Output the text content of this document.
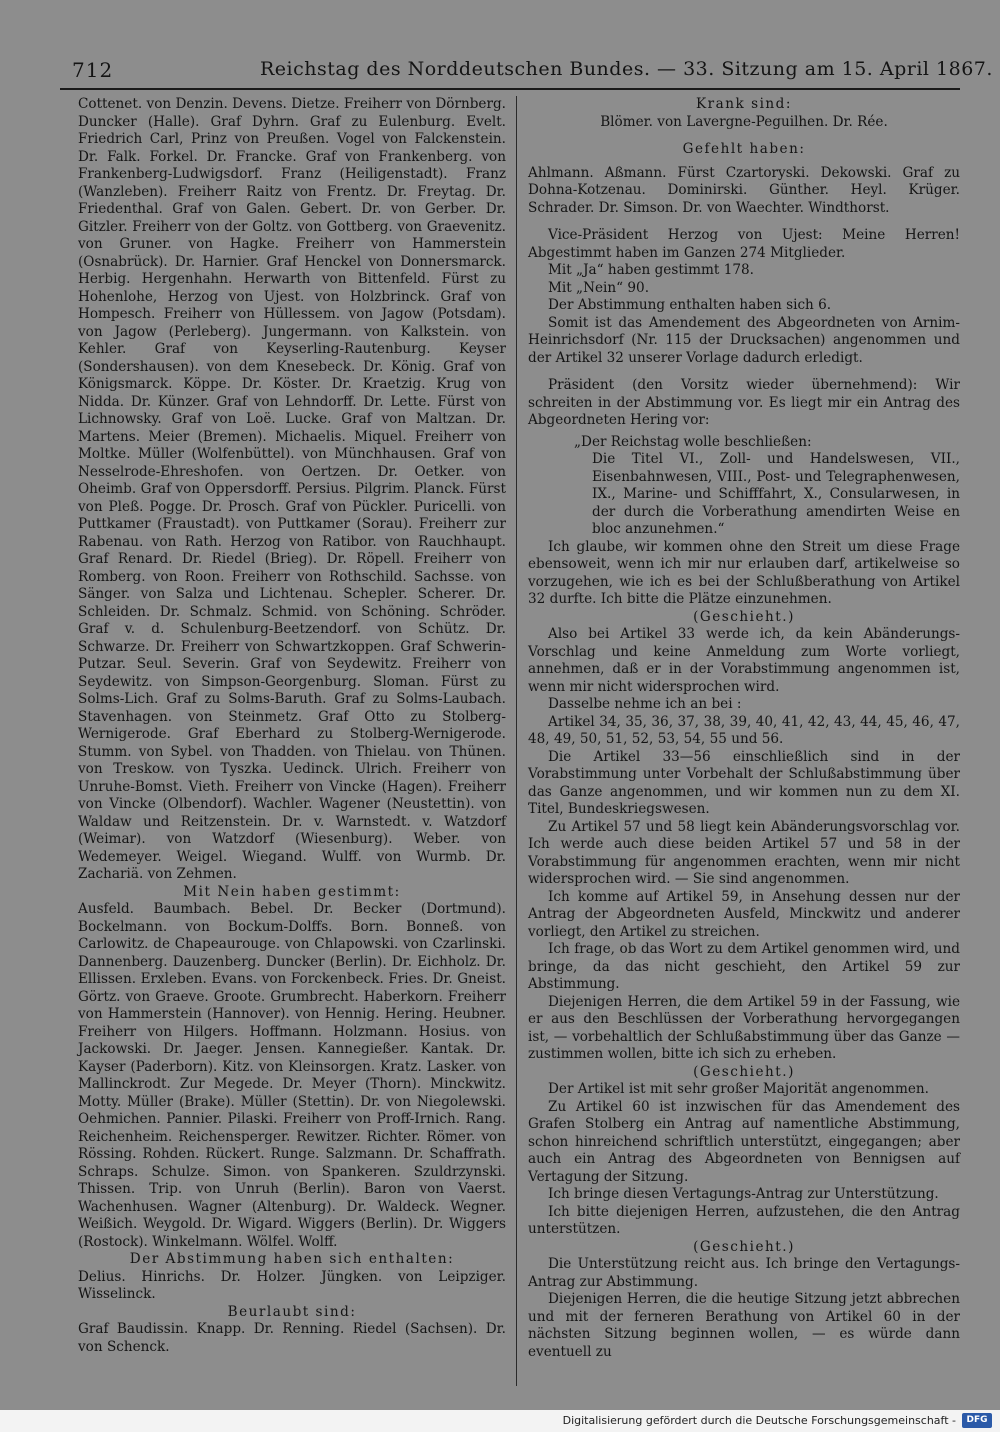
712	Reichstag des Norddeutschen Bundes. — 33. Sitzung am 15. April 1867.

Cottenet. von Denzin. Devens. Dietze. Freiherr von Dörnberg. Duncker (Halle). Graf Dyhrn. Graf zu Eulenburg. Evelt. Friedrich Carl, Prinz von Preußen. Vogel von Falckenstein. Dr. Falk. Forkel. Dr. Francke. Graf von Frankenberg. von Frankenberg-Ludwigsdorf. Franz (Heiligenstadt). Franz (Wanzleben). Freiherr Raitz von Frentz. Dr. Freytag. Dr. Friedenthal. Graf von Galen. Gebert. Dr. von Gerber. Dr. Gitzler. Freiherr von der Goltz. von Gottberg. von Graevenitz. von Gruner. von Hagke. Freiherr von Hammerstein (Osnabrück). Dr. Harnier. Graf Henckel von Donnersmarck. Herbig. Hergenhahn. Herwarth von Bittenfeld. Fürst zu Hohenlohe, Herzog von Ujest. von Holzbrinck. Graf von Hompesch. Freiherr von Hüllessem. von Jagow (Potsdam). von Jagow (Perleberg). Jungermann. von Kalkstein. von Kehler. Graf von Keyserling-Rautenburg. Keyser (Sondershausen). von dem Knesebeck. Dr. König. Graf von Königsmarck. Köppe. Dr. Köster. Dr. Kraetzig. Krug von Nidda. Dr. Künzer. Graf von Lehndorff. Dr. Lette. Fürst von Lichnowsky. Graf von Loë. Lucke. Graf von Maltzan. Dr. Martens. Meier (Bremen). Michaelis. Miquel. Freiherr von Moltke. Müller (Wolfenbüttel). von Münchhausen. Graf von Nesselrode-Ehreshofen. von Oertzen. Dr. Oetker. von Oheimb. Graf von Oppersdorff. Persius. Pilgrim. Planck. Fürst von Pleß. Pogge. Dr. Prosch. Graf von Pückler. Puricelli. von Puttkamer (Fraustadt). von Puttkamer (Sorau). Freiherr zur Rabenau. von Rath. Herzog von Ratibor. von Rauchhaupt. Graf Renard. Dr. Riedel (Brieg). Dr. Röpell. Freiherr von Romberg. von Roon. Freiherr von Rothschild. Sachsse. von Sänger. von Salza und Lichtenau. Schepler. Scherer. Dr. Schleiden. Dr. Schmalz. Schmid. von Schöning. Schröder. Graf v. d. Schulenburg-Beetzendorf. von Schütz. Dr. Schwarze. Dr. Freiherr von Schwartzkoppen. Graf Schwerin-Putzar. Seul. Severin. Graf von Seydewitz. Freiherr von Seydewitz. von Simpson-Georgenburg. Sloman. Fürst zu Solms-Lich. Graf zu Solms-Baruth. Graf zu Solms-Laubach. Stavenhagen. von Steinmetz. Graf Otto zu Stolberg-Wernigerode. Graf Eberhard zu Stolberg-Wernigerode. Stumm. von Sybel. von Thadden. von Thielau. von Thünen. von Treskow. von Tyszka. Uedinck. Ulrich. Freiherr von Unruhe-Bomst. Vieth. Freiherr von Vincke (Hagen). Freiherr von Vincke (Olbendorf). Wachler. Wagener (Neustettin). von Waldaw und Reitzenstein. Dr. v. Warnstedt. v. Watzdorf (Weimar). von Watzdorf (Wiesenburg). Weber. von Wedemeyer. Weigel. Wiegand. Wulff. von Wurmb. Dr. Zachariä. von Zehmen.

Mit Nein haben gestimmt:

Ausfeld. Baumbach. Bebel. Dr. Becker (Dortmund). Bockelmann. von Bockum-Dolffs. Born. Bonneß. von Carlowitz. de Chapeaurouge. von Chlapowski. von Czarlinski. Dannenberg. Dauzenberg. Duncker (Berlin). Dr. Eichholz. Dr. Ellissen. Erxleben. Evans. von Forckenbeck. Fries. Dr. Gneist. Görtz. von Graeve. Groote. Grumbrecht. Haberkorn. Freiherr von Hammerstein (Hannover). von Hennig. Hering. Heubner. Freiherr von Hilgers. Hoffmann. Holzmann. Hosius. von Jackowski. Dr. Jaeger. Jensen. Kannegießer. Kantak. Dr. Kayser (Paderborn). Kitz. von Kleinsorgen. Kratz. Lasker. von Mallinckrodt. Zur Megede. Dr. Meyer (Thorn). Minckwitz. Motty. Müller (Brake). Müller (Stettin). Dr. von Niegolewski. Oehmichen. Pannier. Pilaski. Freiherr von Proff-Irnich. Rang. Reichenheim. Reichensperger. Rewitzer. Richter. Römer. von Rössing. Rohden. Rückert. Runge. Salzmann. Dr. Schaffrath. Schraps. Schulze. Simon. von Spankeren. Szuldrzynski. Thissen. Trip. von Unruh (Berlin). Baron von Vaerst. Wachenhusen. Wagner (Altenburg). Dr. Waldeck. Wegner. Weißich. Weygold. Dr. Wigard. Wiggers (Berlin). Dr. Wiggers (Rostock). Winkelmann. Wölfel. Wolff.

Der Abstimmung haben sich enthalten:

Delius. Hinrichs. Dr. Holzer. Jüngken. von Leipziger. Wisselinck.

Beurlaubt sind:

Graf Baudissin. Knapp. Dr. Renning. Riedel (Sachsen). Dr. von Schenck.

Krank sind:

Blömer. von Lavergne-Peguilhen. Dr. Rée.

Gefehlt haben:

Ahlmann. Aßmann. Fürst Czartoryski. Dekowski. Graf zu Dohna-Kotzenau. Dominirski. Günther. Heyl. Krüger. Schrader. Dr. Simson. Dr. von Waechter. Windthorst.

Vice-Präsident Herzog von Ujest: Meine Herren! Abgestimmt haben im Ganzen 274 Mitglieder.

Mit „Ja“ haben gestimmt 178.

Mit „Nein“ 90.

Der Abstimmung enthalten haben sich 6.

Somit ist das Amendement des Abgeordneten von Arnim-Heinrichsdorf (Nr. 115 der Drucksachen) angenommen und der Artikel 32 unserer Vorlage dadurch erledigt.

Präsident (den Vorsitz wieder übernehmend): Wir schreiten in der Abstimmung vor. Es liegt mir ein Antrag des Abgeordneten Hering vor:

„Der Reichstag wolle beschließen:

Die Titel VI., Zoll- und Handelswesen, VII., Eisenbahnwesen, VIII., Post- und Telegraphenwesen, IX., Marine- und Schifffahrt, X., Consularwesen, in der durch die Vorberathung amendirten Weise en bloc anzunehmen.“

Ich glaube, wir kommen ohne den Streit um diese Frage ebensoweit, wenn ich mir nur erlauben darf, artikelweise so vorzugehen, wie ich es bei der Schlußberathung von Artikel 32 durfte. Ich bitte die Plätze einzunehmen.

(Geschieht.)

Also bei Artikel 33 werde ich, da kein Abänderungs-Vorschlag und keine Anmeldung zum Worte vorliegt, annehmen, daß er in der Vorabstimmung angenommen ist, wenn mir nicht widersprochen wird.

Dasselbe nehme ich an bei :

Artikel 34, 35, 36, 37, 38, 39, 40, 41, 42, 43, 44, 45, 46, 47, 48, 49, 50, 51, 52, 53, 54, 55 und 56.

Die Artikel 33—56 einschließlich sind in der Vorabstimmung unter Vorbehalt der Schlußabstimmung über das Ganze angenommen, und wir kommen nun zu dem XI. Titel, Bundeskriegswesen.

Zu Artikel 57 und 58 liegt kein Abänderungsvorschlag vor. Ich werde auch diese beiden Artikel 57 und 58 in der Vorabstimmung für angenommen erachten, wenn mir nicht widersprochen wird. — Sie sind angenommen.

Ich komme auf Artikel 59, in Ansehung dessen nur der Antrag der Abgeordneten Ausfeld, Minckwitz und anderer vorliegt, den Artikel zu streichen.

Ich frage, ob das Wort zu dem Artikel genommen wird, und bringe, da das nicht geschieht, den Artikel 59 zur Abstimmung.

Diejenigen Herren, die dem Artikel 59 in der Fassung, wie er aus den Beschlüssen der Vorberathung hervorgegangen ist, — vorbehaltlich der Schlußabstimmung über das Ganze — zustimmen wollen, bitte ich sich zu erheben.

(Geschieht.)

Der Artikel ist mit sehr großer Majorität angenommen.

Zu Artikel 60 ist inzwischen für das Amendement des Grafen Stolberg ein Antrag auf namentliche Abstimmung, schon hinreichend schriftlich unterstützt, eingegangen; aber auch ein Antrag des Abgeordneten von Bennigsen auf Vertagung der Sitzung.

Ich bringe diesen Vertagungs-Antrag zur Unterstützung.

Ich bitte diejenigen Herren, aufzustehen, die den Antrag unterstützen.

(Geschieht.)

Die Unterstützung reicht aus. Ich bringe den Vertagungs-Antrag zur Abstimmung.

Diejenigen Herren, die die heutige Sitzung jetzt abbrechen und mit der ferneren Berathung von Artikel 60 in der nächsten Sitzung beginnen wollen, — es würde dann eventuell zu

Digitalisierung gefördert durch die Deutsche Forschungsgemeinschaft -	DFG
